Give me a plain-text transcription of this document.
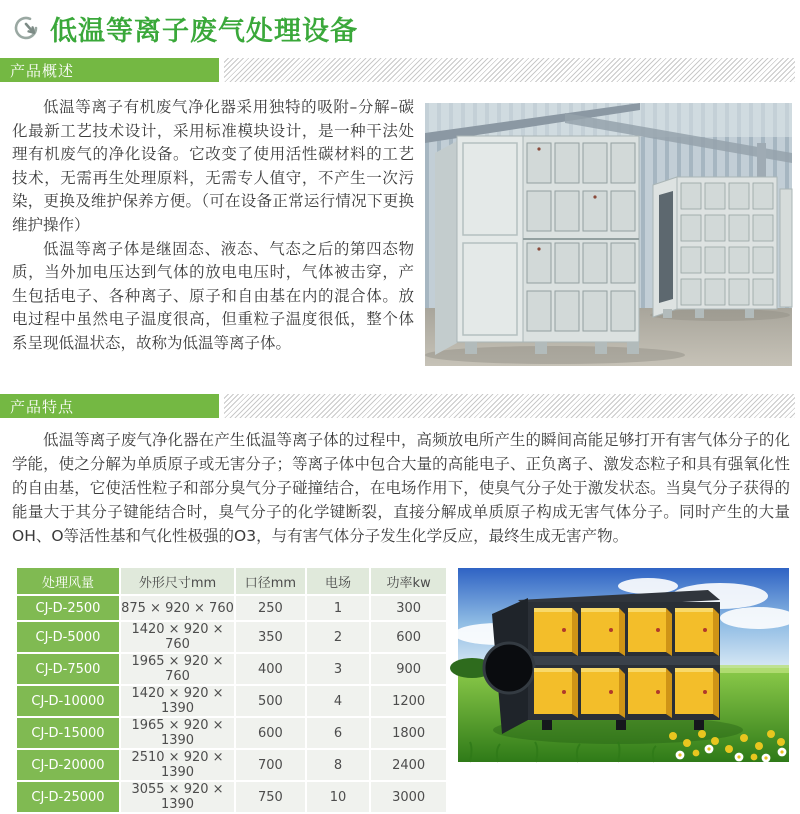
低温等离子废气处理设备
产品概述

低温等离子有机废气净化器采用独特的吸附–分解–碳化最新工艺技术设计，采用标准模块设计，是一种干法处理有机废气的净化设备。它改变了使用活性碳材料的工艺技术，无需再生处理原料，无需专人值守，不产生一次污染，更换及维护保养方便。（可在设备正常运行情况下更换维护操作）

低温等离子体是继固态、液态、气态之后的第四态物质，当外加电压达到气体的放电电压时，气体被击穿，产生包括电子、各种离子、原子和自由基在内的混合体。放电过程中虽然电子温度很高，但重粒子温度很低，整个体系呈现低温状态，故称为低温等离子体。

产品特点

低温等离子废气净化器在产生低温等离子体的过程中，高频放电所产生的瞬间高能足够打开有害气体分子的化学能，使之分解为单质原子或无害分子；等离子体中包合大量的高能电子、正负离子、激发态粒子和具有强氧化性的自由基，它使活性粒子和部分臭气分子碰撞结合，在电场作用下，使臭气分子处于激发状态。当臭气分子获得的能量大于其分子键能结合时，臭气分子的化学键断裂，直接分解成单质原子构成无害气体分子。同时产生的大量OH、O等活性基和气化性极强的O3，与有害气体分子发生化学反应，最终生成无害产物。

处理风量	外形尺寸mm	口径mm	电场	功率kw
CJ-D-2500	875 × 920 × 760	250	1	300
CJ-D-5000	1420 × 920 × 760	350	2	600
CJ-D-7500	1965 × 920 × 760	400	3	900
CJ-D-10000	1420 × 920 × 1390	500	4	1200
CJ-D-15000	1965 × 920 × 1390	600	6	1800
CJ-D-20000	2510 × 920 × 1390	700	8	2400
CJ-D-25000	3055 × 920 × 1390	750	10	3000
